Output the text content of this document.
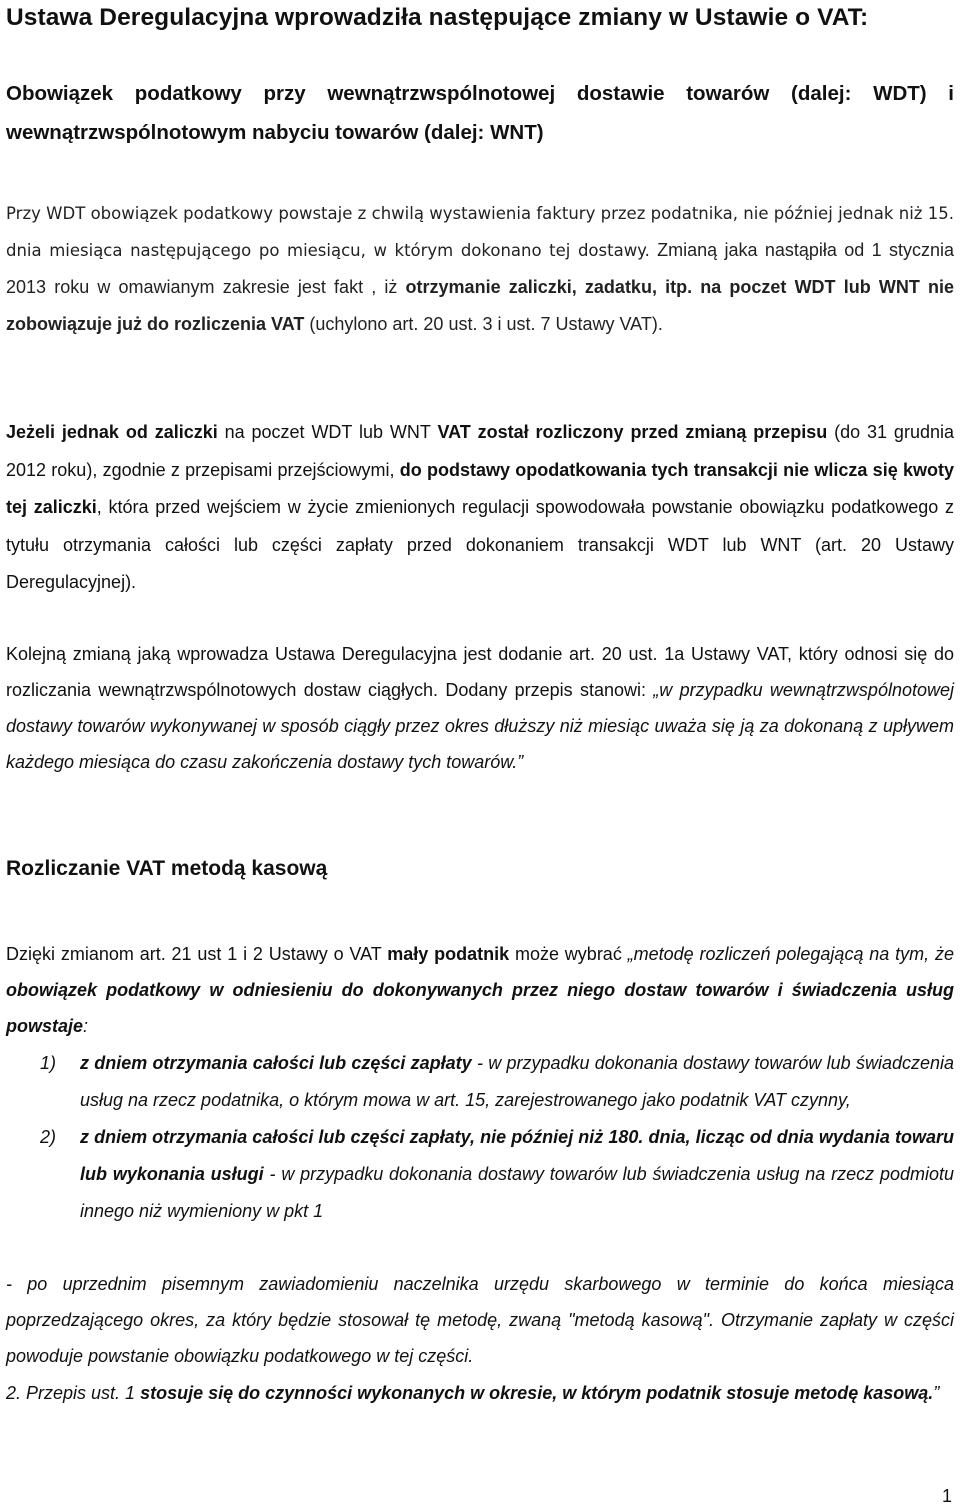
Ustawa Deregulacyjna wprowadziła następujące zmiany w Ustawie o VAT:
Obowiązek podatkowy przy wewnątrzwspólnotowej dostawie towarów (dalej: WDT) i wewnątrzwspólnotowym nabyciu towarów (dalej: WNT)

Przy WDT obowiązek podatkowy powstaje z chwilą wystawienia faktury przez podatnika, nie później jednak niż 15. dnia miesiąca następującego po miesiącu, w którym dokonano tej dostawy. Zmianą jaka nastąpiła od 1 stycznia 2013 roku w omawianym zakresie jest fakt , iż otrzymanie zaliczki, zadatku, itp. na poczet WDT lub WNT nie zobowiązuje już do rozliczenia VAT (uchylono art. 20 ust. 3 i ust. 7 Ustawy VAT).

Jeżeli jednak od zaliczki na poczet WDT lub WNT VAT został rozliczony przed zmianą przepisu (do 31 grudnia 2012 roku), zgodnie z przepisami przejściowymi, do podstawy opodatkowania tych transakcji nie wlicza się kwoty tej zaliczki, która przed wejściem w życie zmienionych regulacji spowodowała powstanie obowiązku podatkowego z tytułu otrzymania całości lub części zapłaty przed dokonaniem transakcji WDT lub WNT (art. 20 Ustawy Deregulacyjnej).

Kolejną zmianą jaką wprowadza Ustawa Deregulacyjna jest dodanie art. 20 ust. 1a Ustawy VAT, który odnosi się do rozliczania wewnątrzwspólnotowych dostaw ciągłych. Dodany przepis stanowi: „w przypadku wewnątrzwspólnotowej dostawy towarów wykonywanej w sposób ciągły przez okres dłuższy niż miesiąc uważa się ją za dokonaną z upływem każdego miesiąca do czasu zakończenia dostawy tych towarów.”

Rozliczanie VAT metodą kasową

Dzięki zmianom art. 21 ust 1 i 2 Ustawy o VAT mały podatnik może wybrać „metodę rozliczeń polegającą na tym, że obowiązek podatkowy w odniesieniu do dokonywanych przez niego dostaw towarów i świadczenia usług powstaje:

1) z dniem otrzymania całości lub części zapłaty - w przypadku dokonania dostawy towarów lub świadczenia usług na rzecz podatnika, o którym mowa w art. 15, zarejestrowanego jako podatnik VAT czynny,
2) z dniem otrzymania całości lub części zapłaty, nie później niż 180. dnia, licząc od dnia wydania towaru lub wykonania usługi - w przypadku dokonania dostawy towarów lub świadczenia usług na rzecz podmiotu innego niż wymieniony w pkt 1

- po uprzednim pisemnym zawiadomieniu naczelnika urzędu skarbowego w terminie do końca miesiąca poprzedzającego okres, za który będzie stosował tę metodę, zwaną "metodą kasową". Otrzymanie zapłaty w części powoduje powstanie obowiązku podatkowego w tej części.

2. Przepis ust. 1 stosuje się do czynności wykonanych w okresie, w którym podatnik stosuje metodę kasową.”

1
